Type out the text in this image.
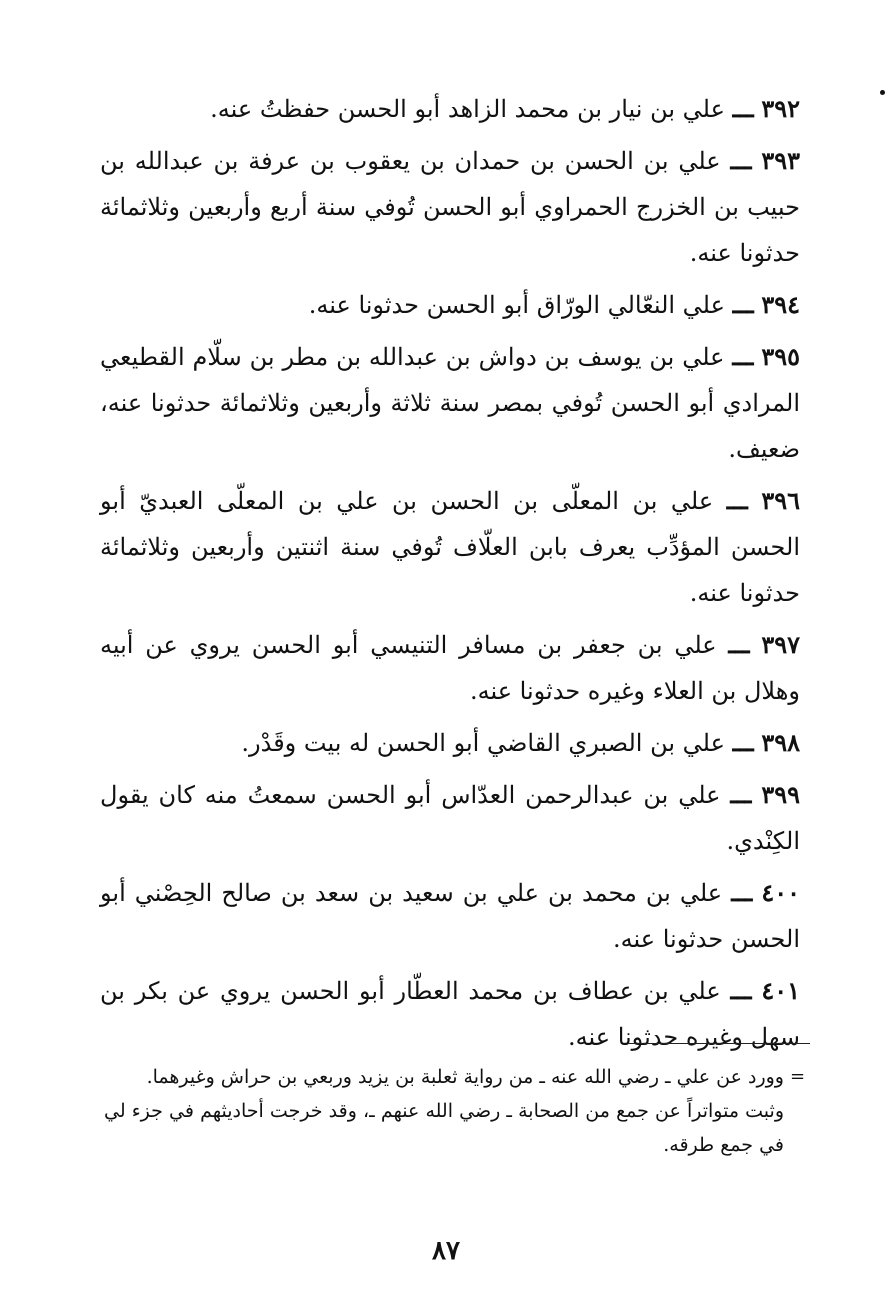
٣٩٢ ـــ علي بن نيار بن محمد الزاهد أبو الحسن حفظتُ عنه.

٣٩٣ ـــ علي بن الحسن بن حمدان بن يعقوب بن عرفة بن عبدالله بن حبيب بن الخزرج الحمراوي أبو الحسن تُوفي سنة أربع وأربعين وثلاثمائة حدثونا عنه.

٣٩٤ ـــ علي النعّالي الورّاق أبو الحسن حدثونا عنه.

٣٩٥ ـــ علي بن يوسف بن دواش بن عبدالله بن مطر بن سلّام القطيعي المرادي أبو الحسن تُوفي بمصر سنة ثلاثة وأربعين وثلاثمائة حدثونا عنه، ضعيف.

٣٩٦ ـــ علي بن المعلّى بن الحسن بن علي بن المعلّى العبديّ أبو الحسن المؤدِّب يعرف بابن العلّاف تُوفي سنة اثنتين وأربعين وثلاثمائة حدثونا عنه.

٣٩٧ ـــ علي بن جعفر بن مسافر التنيسي أبو الحسن يروي عن أبيه وهلال بن العلاء وغيره حدثونا عنه.

٣٩٨ ـــ علي بن الصبري القاضي أبو الحسن له بيت وقَدْر.

٣٩٩ ـــ علي بن عبدالرحمن العدّاس أبو الحسن سمعتُ منه كان يقول الكِنْدي.

٤٠٠ ـــ علي بن محمد بن علي بن سعيد بن سعد بن صالح الحِصْني أبو الحسن حدثونا عنه.

٤٠١ ـــ علي بن عطاف بن محمد العطّار أبو الحسن يروي عن بكر بن سهل وغيره حدثونا عنه.

=
وورد عن علي ـ رضي الله عنه ـ من رواية ثعلبة بن يزيد وربعي بن حراش وغيرهما.
وثبت متواتراً عن جمع من الصحابة ـ رضي الله عنهم ـ، وقد خرجت أحاديثهم في جزء لي في جمع طرقه.
٨٧
